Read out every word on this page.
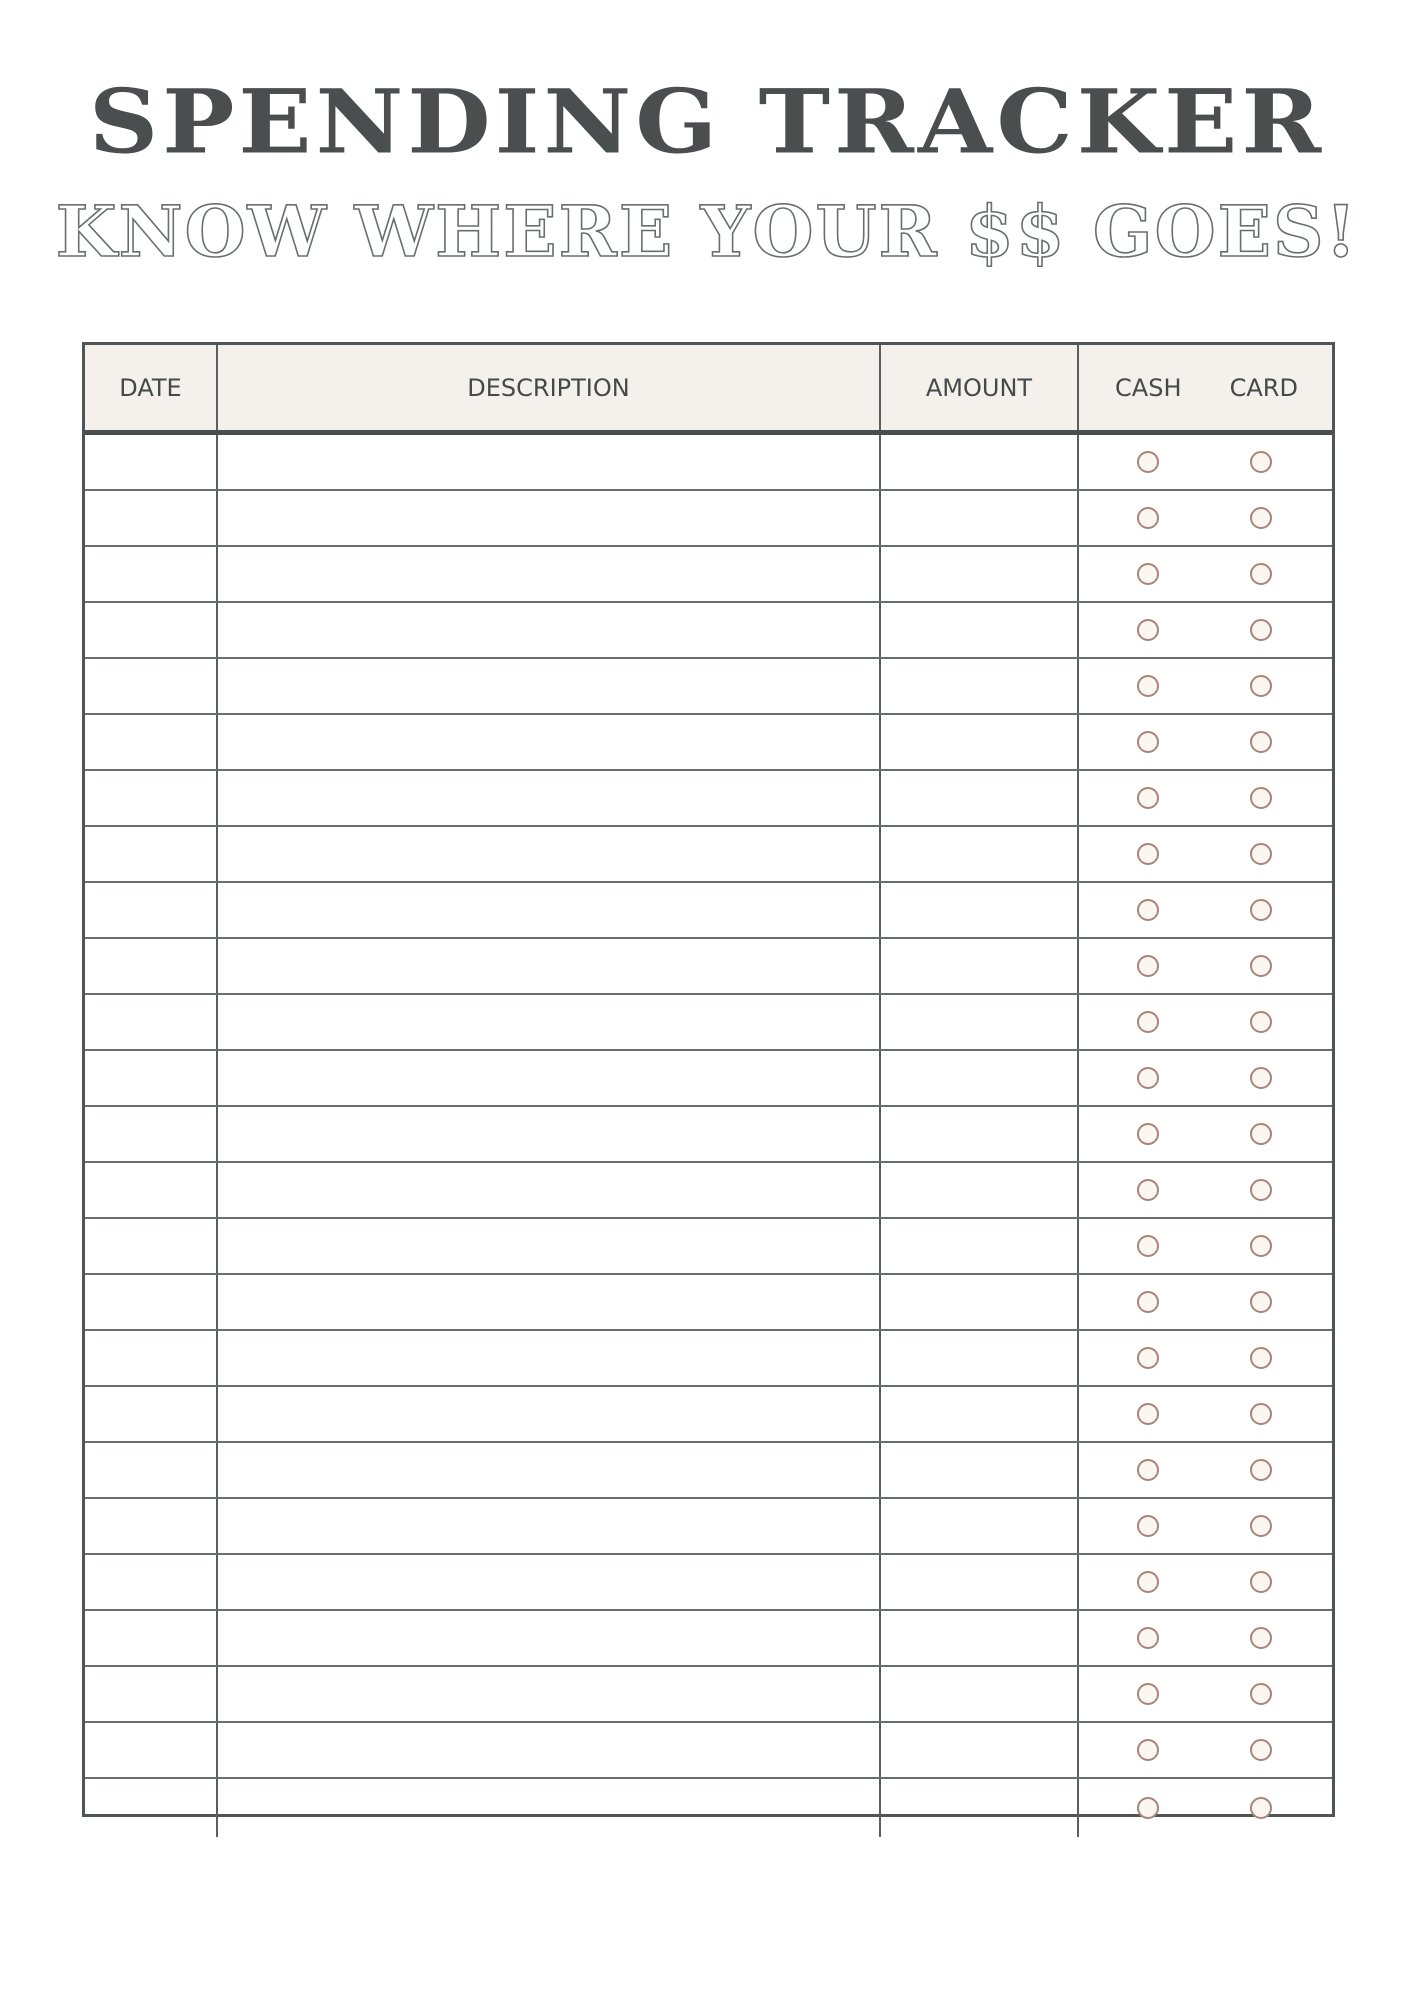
SPENDING TRACKER
KNOW WHERE YOUR $$ GOES!
DATE	DESCRIPTION	AMOUNT	CASH CARD
